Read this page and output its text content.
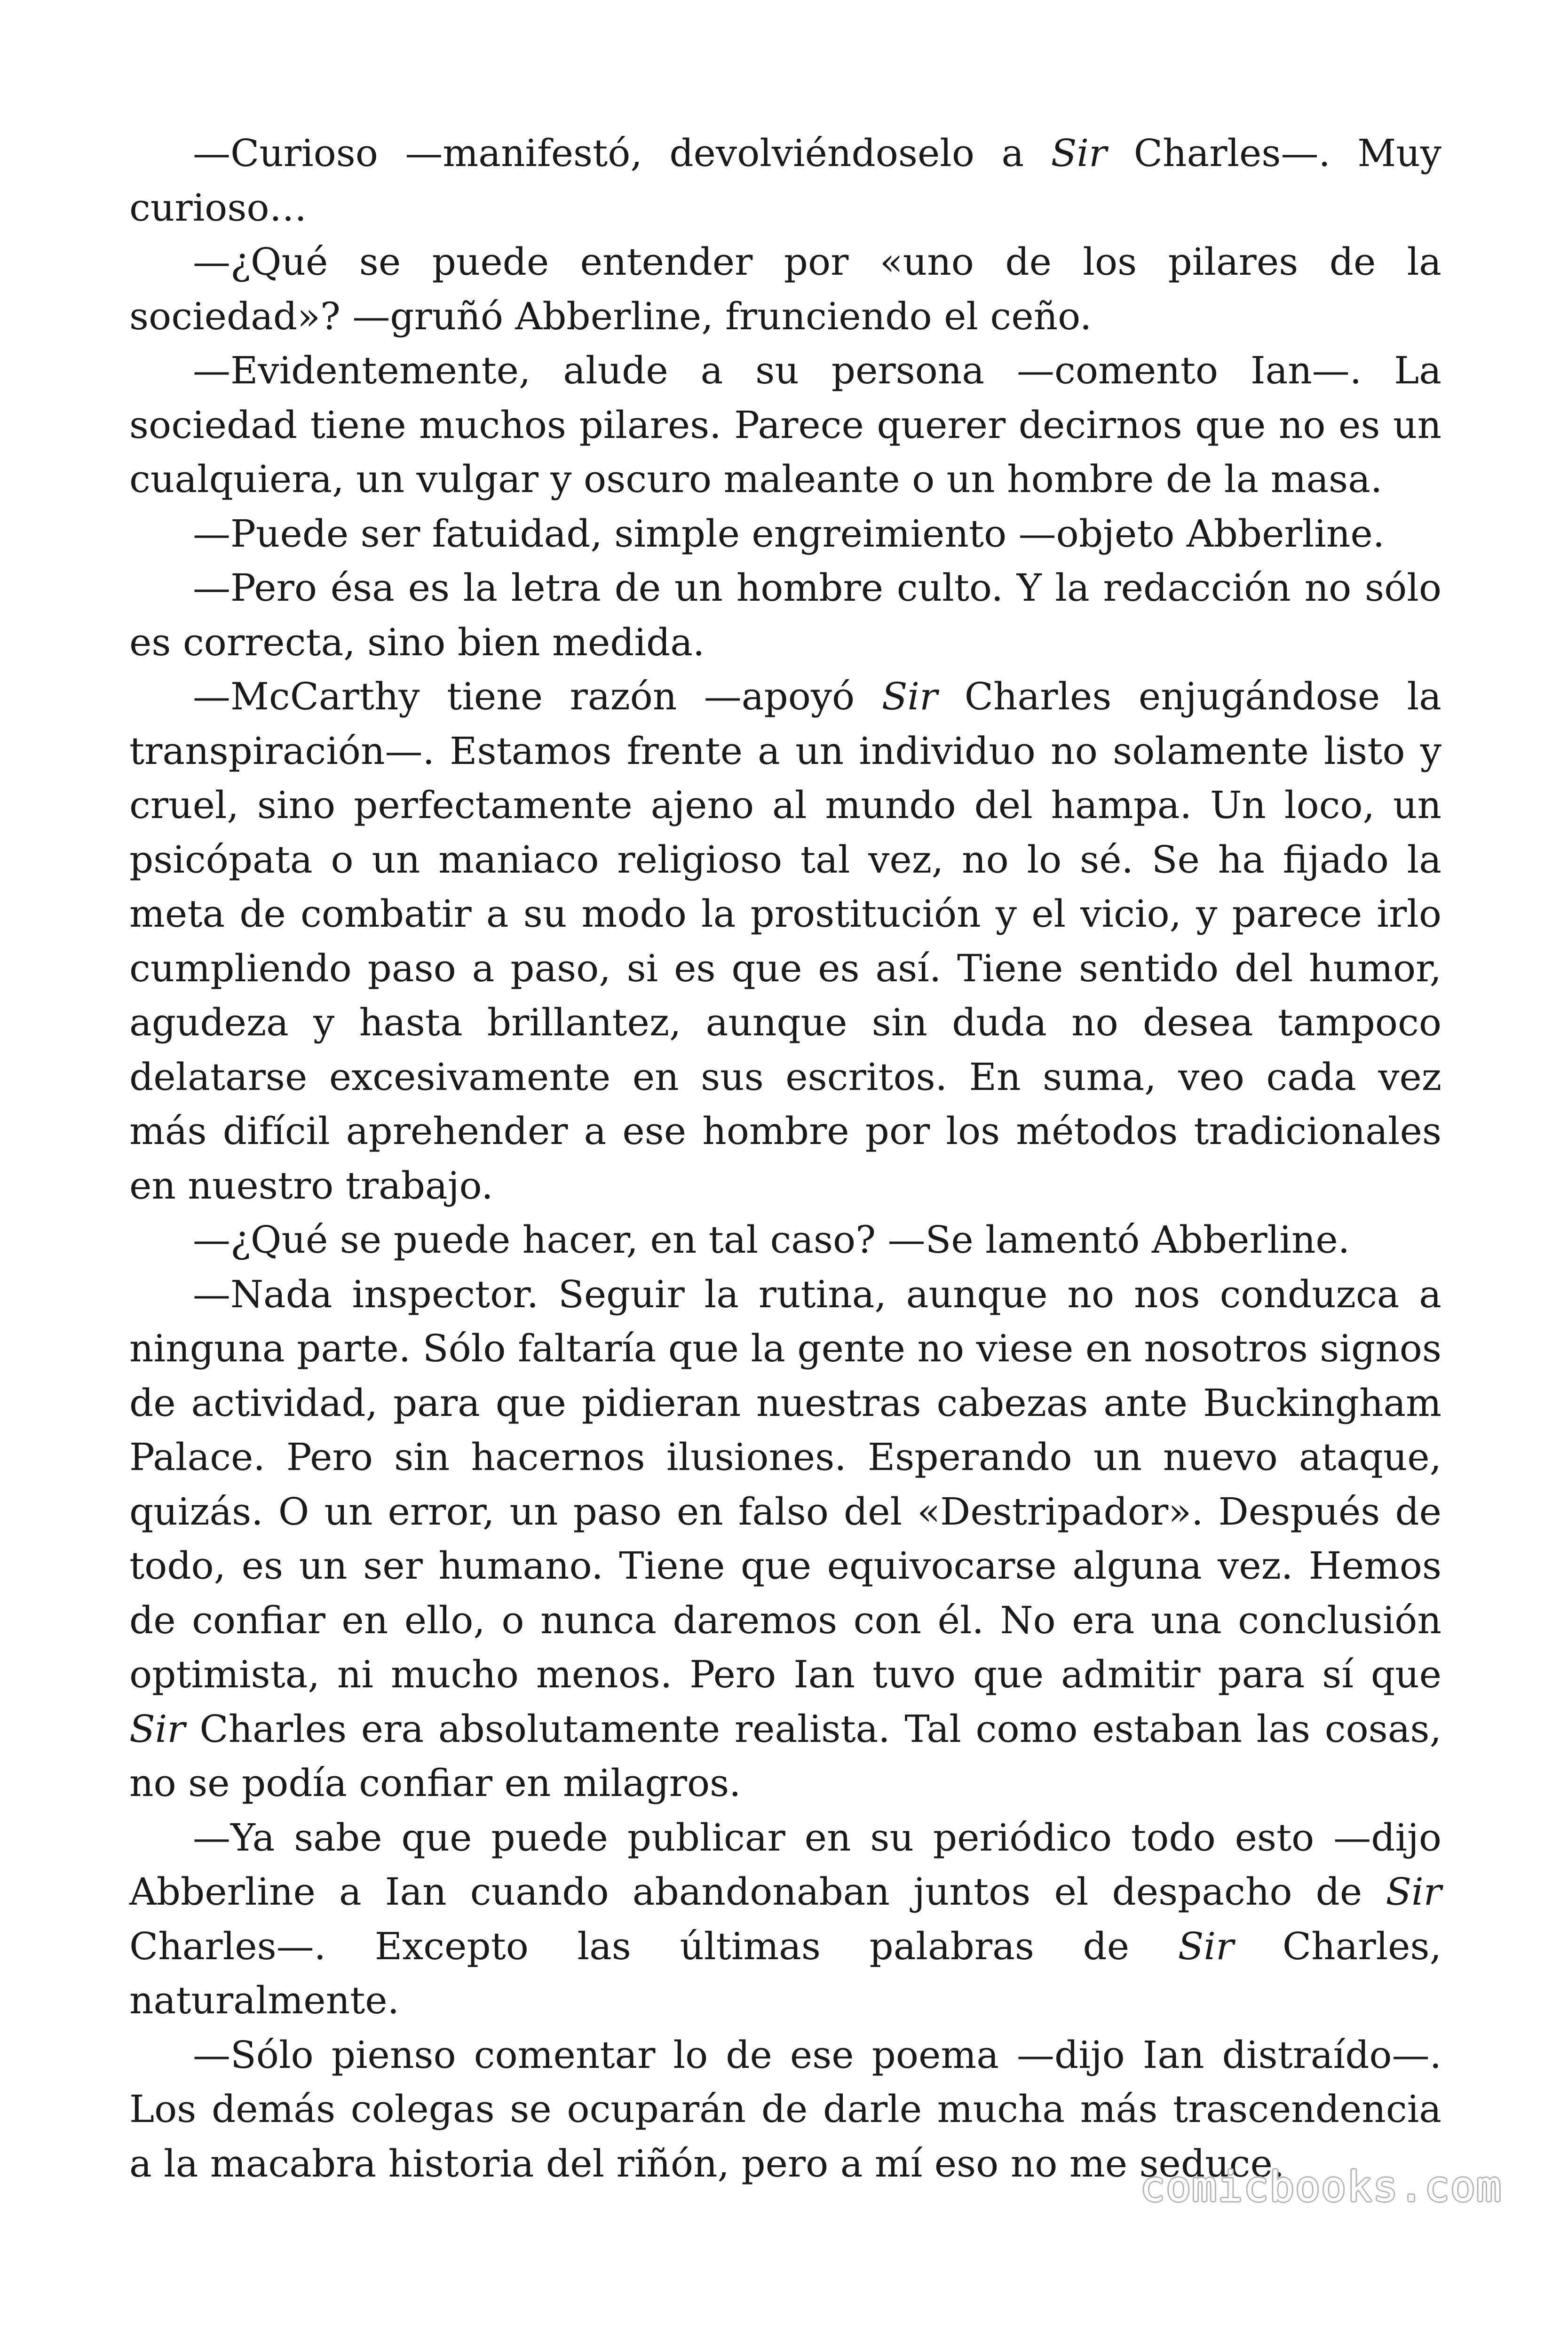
—Curioso —manifestó, devolviéndoselo a Sir Charles—. Muy curioso…

—¿Qué se puede entender por «uno de los pilares de la sociedad»? —gruñó Abberline, frunciendo el ceño.

—Evidentemente, alude a su persona —comento Ian—. La sociedad tiene muchos pilares. Parece querer decirnos que no es un cualquiera, un vulgar y oscuro maleante o un hombre de la masa.

—Puede ser fatuidad, simple engreimiento —objeto Abberline.

—Pero ésa es la letra de un hombre culto. Y la redacción no sólo es correcta, sino bien medida.

—McCarthy tiene razón —apoyó Sir Charles enjugándose la transpiración—. Estamos frente a un individuo no solamente listo y cruel, sino perfectamente ajeno al mundo del hampa. Un loco, un psicópata o un maniaco religioso tal vez, no lo sé. Se ha fijado la meta de combatir a su modo la prostitución y el vicio, y parece irlo cumpliendo paso a paso, si es que es así. Tiene sentido del humor, agudeza y hasta brillantez, aunque sin duda no desea tampoco delatarse excesivamente en sus escritos. En suma, veo cada vez más difícil aprehender a ese hombre por los métodos tradicionales en nuestro trabajo.

—¿Qué se puede hacer, en tal caso? —Se lamentó Abberline.

—Nada inspector. Seguir la rutina, aunque no nos conduzca a ninguna parte. Sólo faltaría que la gente no viese en nosotros signos de actividad, para que pidieran nuestras cabezas ante Buckingham Palace. Pero sin hacernos ilusiones. Esperando un nuevo ataque, quizás. O un error, un paso en falso del «Destripador». Después de todo, es un ser humano. Tiene que equivocarse alguna vez. Hemos de confiar en ello, o nunca daremos con él. No era una conclusión optimista, ni mucho menos. Pero Ian tuvo que admitir para sí que Sir Charles era absolutamente realista. Tal como estaban las cosas, no se podía confiar en milagros.

—Ya sabe que puede publicar en su periódico todo esto —dijo Abberline a Ian cuando abandonaban juntos el despacho de Sir Charles—. Excepto las últimas palabras de Sir Charles, naturalmente.

—Sólo pienso comentar lo de ese poema —dijo Ian distraído—. Los demás colegas se ocuparán de darle mucha más trascendencia a la macabra historia del riñón, pero a mí eso no me seduce.

comicbooks.com
